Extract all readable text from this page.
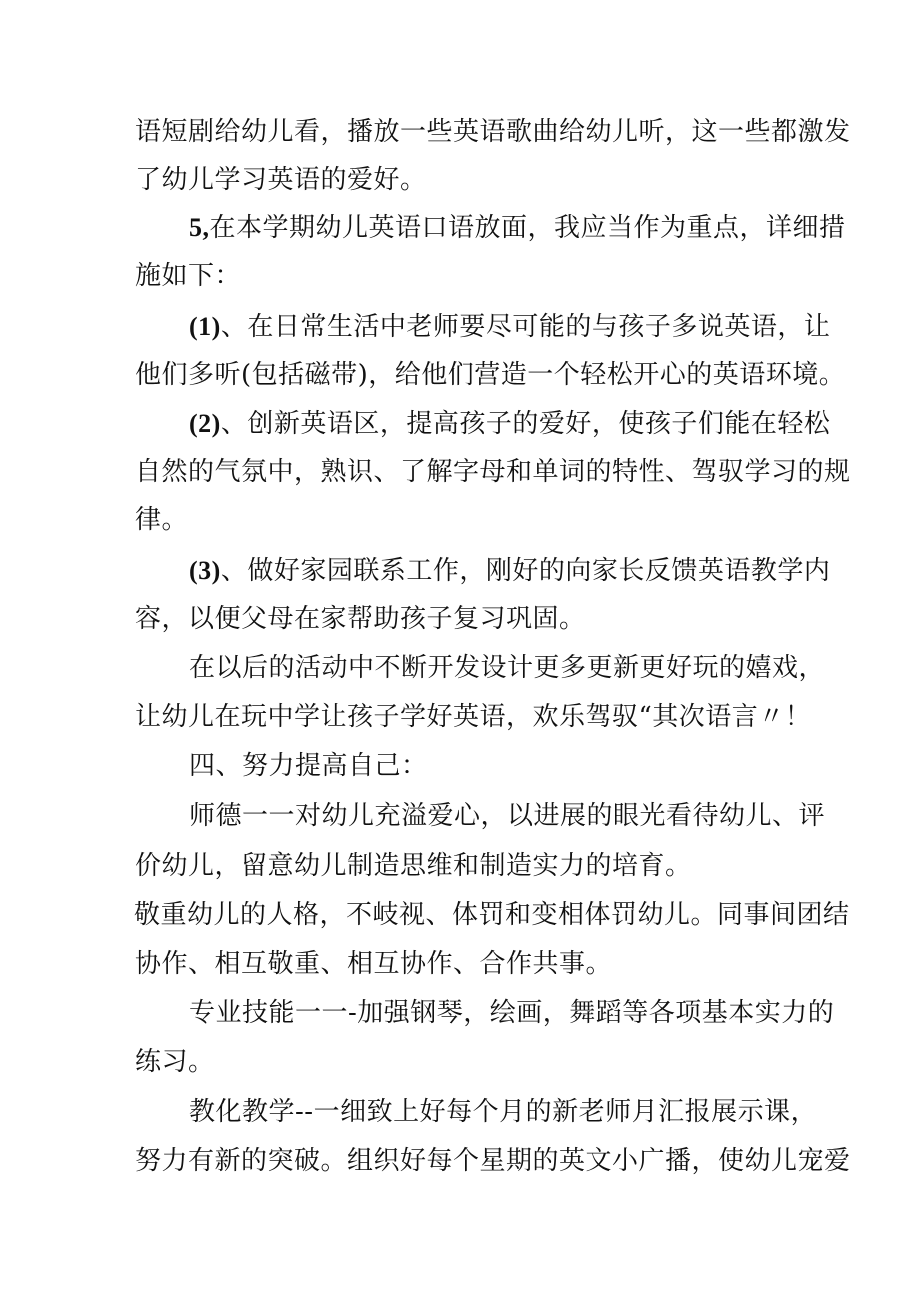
语短剧给幼儿看，播放一些英语歌曲给幼儿听，这一些都激发
了幼儿学习英语的爱好。
5,在本学期幼儿英语口语放面，我应当作为重点，详细措
施如下：
(1)、在日常生活中老师要尽可能的与孩子多说英语，让
他们多听(包括磁带)，给他们营造一个轻松开心的英语环境。
(2)、创新英语区，提高孩子的爱好，使孩子们能在轻松
自然的气氛中，熟识、了解字母和单词的特性、驾驭学习的规
律。
(3)、做好家园联系工作，刚好的向家长反馈英语教学内
容，以便父母在家帮助孩子复习巩固。
在以后的活动中不断开发设计更多更新更好玩的嬉戏，
让幼儿在玩中学让孩子学好英语，欢乐驾驭“其次语言〃！
四、努力提高自己：
师德一一对幼儿充溢爱心，以进展的眼光看待幼儿、评
价幼儿，留意幼儿制造思维和制造实力的培育。
敬重幼儿的人格，不岐视、体罚和变相体罚幼儿。同事间团结
协作、相互敬重、相互协作、合作共事。
专业技能一一-加强钢琴，绘画，舞蹈等各项基本实力的
练习。
教化教学--一细致上好每个月的新老师月汇报展示课，
努力有新的突破。组织好每个星期的英文小广播，使幼儿宠爱
